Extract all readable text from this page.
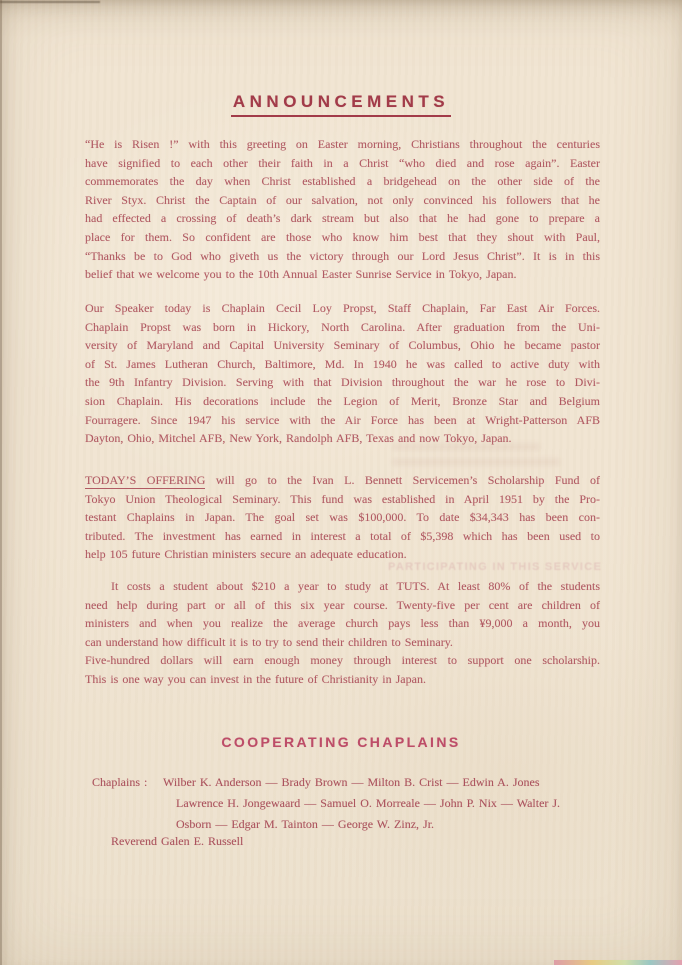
ANNOUNCEMENTS
“He is Risen !” with this greeting on Easter morning, Christians throughout the centuries
have signified to each other their faith in a Christ “who died and rose again”. Easter
commemorates the day when Christ established a bridgehead on the other side of the
River Styx. Christ the Captain of our salvation, not only convinced his followers that he
had effected a crossing of death’s dark stream but also that he had gone to prepare a
place for them. So confident are those who know him best that they shout with Paul,
“Thanks be to God who giveth us the victory through our Lord Jesus Christ”. It is in this
belief that we welcome you to the 10th Annual Easter Sunrise Service in Tokyo, Japan.
Our Speaker today is Chaplain Cecil Loy Propst, Staff Chaplain, Far East Air Forces.
Chaplain Propst was born in Hickory, North Carolina. After graduation from the Uni-
versity of Maryland and Capital University Seminary of Columbus, Ohio he became pastor
of St. James Lutheran Church, Baltimore, Md. In 1940 he was called to active duty with
the 9th Infantry Division. Serving with that Division throughout the war he rose to Divi-
sion Chaplain. His decorations include the Legion of Merit, Bronze Star and Belgium
Fourragere. Since 1947 his service with the Air Force has been at Wright-Patterson AFB
Dayton, Ohio, Mitchel AFB, New York, Randolph AFB, Texas and now Tokyo, Japan.
TODAY’S OFFERING will go to the Ivan L. Bennett Servicemen’s Scholarship Fund of
Tokyo Union Theological Seminary. This fund was established in April 1951 by the Pro-
testant Chaplains in Japan. The goal set was $100,000. To date $34,343 has been con-
tributed. The investment has earned in interest a total of $5,398 which has been used to
help 105 future Christian ministers secure an adequate education.
PARTICIPATING IN THIS SERVICE
It costs a student about $210 a year to study at TUTS. At least 80% of the students
need help during part or all of this six year course. Twenty-five per cent are children of
ministers and when you realize the average church pays less than ¥9,000 a month, you
can understand how difficult it is to try to send their children to Seminary.
Five-hundred dollars will earn enough money through interest to support one scholarship.
This is one way you can invest in the future of Christianity in Japan.
COOPERATING CHAPLAINS
Chaplains :	Wilber K. Anderson — Brady Brown — Milton B. Crist — Edwin A. Jones
Lawrence H. Jongewaard — Samuel O. Morreale — John P. Nix — Walter J.
Osborn — Edgar M. Tainton — George W. Zinz, Jr.
Reverend Galen E. Russell
